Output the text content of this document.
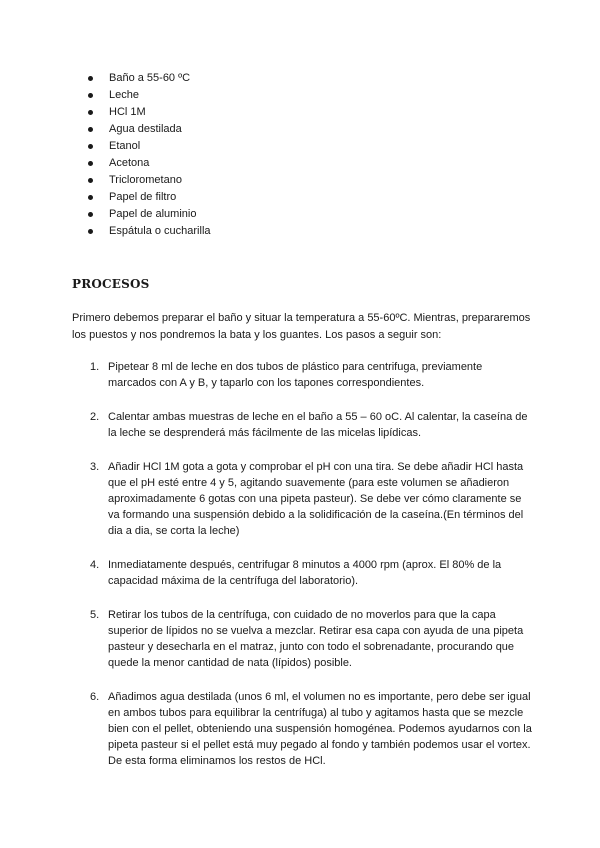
Baño a 55-60 ºC
Leche
HCl 1M
Agua destilada
Etanol
Acetona
Triclorometano
Papel de filtro
Papel de aluminio
Espátula o cucharilla
PROCESOS

Primero debemos preparar el baño y situar la temperatura a 55-60ºC. Mientras, prepararemos los puestos y nos pondremos la bata y los guantes. Los pasos a seguir son:

1. Pipetear 8 ml de leche en dos tubos de plástico para centrifuga, previamente marcados con A y B, y taparlo con los tapones correspondientes.
2. Calentar ambas muestras de leche en el baño a 55 – 60 oC. Al calentar, la caseína de la leche se desprenderá más fácilmente de las micelas lipídicas.
3. Añadir HCl 1M gota a gota y comprobar el pH con una tira. Se debe añadir HCl hasta que el pH esté entre 4 y 5, agitando suavemente (para este volumen se añadieron aproximadamente 6 gotas con una pipeta pasteur). Se debe ver cómo claramente se va formando una suspensión debido a la solidificación de la caseína.(En términos del dia a dia, se corta la leche)
4. Inmediatamente después, centrifugar 8 minutos a 4000 rpm (aprox. El 80% de la capacidad máxima de la centrífuga del laboratorio).
5. Retirar los tubos de la centrífuga, con cuidado de no moverlos para que la capa superior de lípidos no se vuelva a mezclar. Retirar esa capa con ayuda de una pipeta pasteur y desecharla en el matraz, junto con todo el sobrenadante, procurando que quede la menor cantidad de nata (lípidos) posible.
6. Añadimos agua destilada (unos 6 ml, el volumen no es importante, pero debe ser igual en ambos tubos para equilibrar la centrífuga) al tubo y agitamos hasta que se mezcle bien con el pellet, obteniendo una suspensión homogénea. Podemos ayudarnos con la pipeta pasteur si el pellet está muy pegado al fondo y también podemos usar el vortex. De esta forma eliminamos los restos de HCl.
